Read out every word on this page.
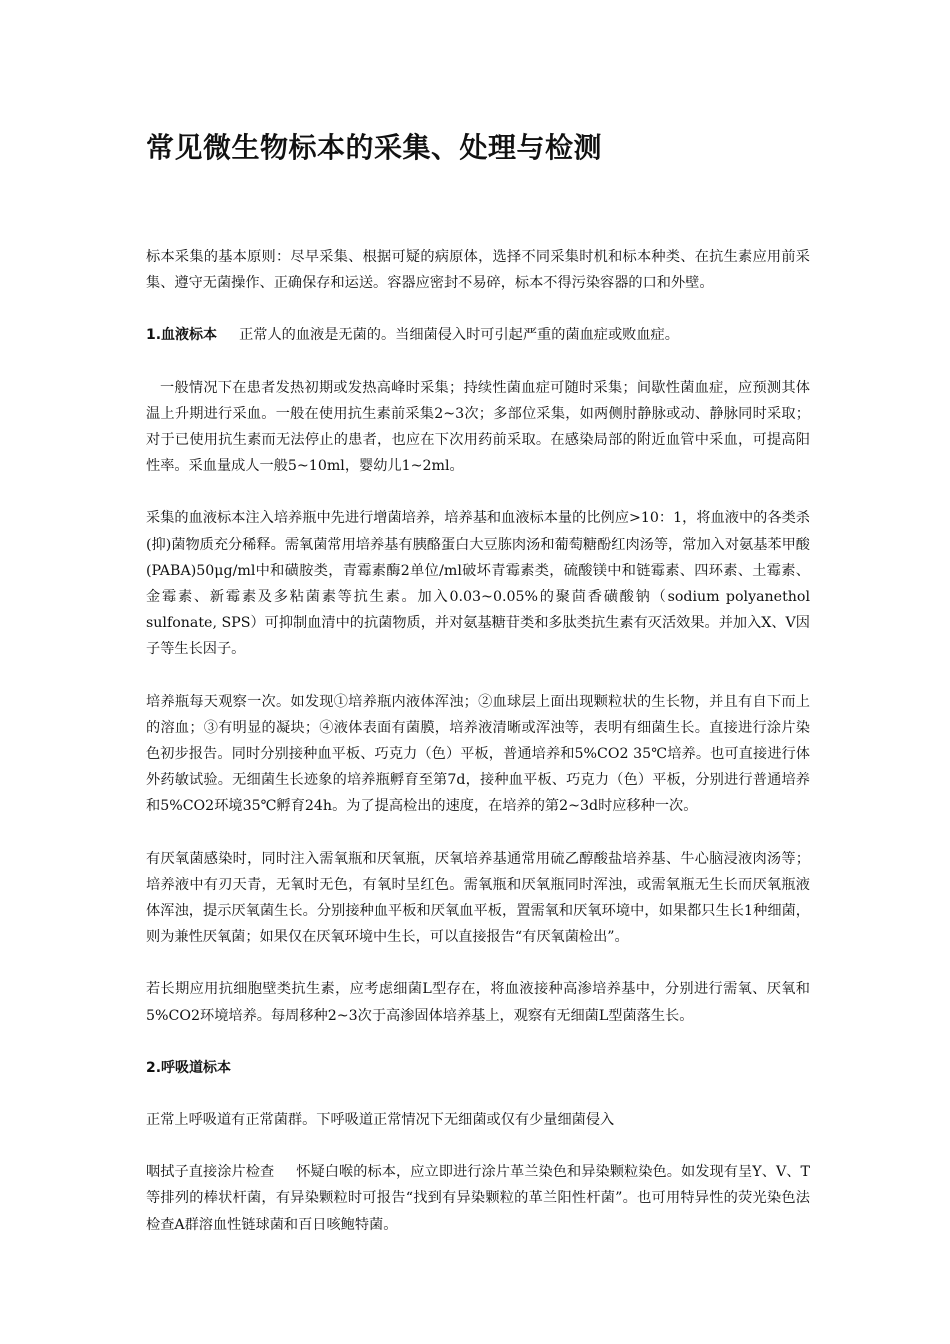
常见微生物标本的采集、处理与检测

标本采集的基本原则：尽早采集、根据可疑的病原体，选择不同采集时机和标本种类、在抗生素应用前采集、遵守无菌操作、正确保存和运送。容器应密封不易碎，标本不得污染容器的口和外壁。

1.血液标本 正常人的血液是无菌的。当细菌侵入时可引起严重的菌血症或败血症。

一般情况下在患者发热初期或发热高峰时采集；持续性菌血症可随时采集；间歇性菌血症，应预测其体温上升期进行采血。一般在使用抗生素前采集2~3次；多部位采集，如两侧肘静脉或动、静脉同时采取；对于已使用抗生素而无法停止的患者，也应在下次用药前采取。在感染局部的附近血管中采血，可提高阳性率。采血量成人一般5~10ml，婴幼儿1~2ml。

采集的血液标本注入培养瓶中先进行增菌培养，培养基和血液标本量的比例应>10：1，将血液中的各类杀(抑)菌物质充分稀释。需氧菌常用培养基有胰酪蛋白大豆胨肉汤和葡萄糖酚红肉汤等，常加入对氨基苯甲酸(PABA)50μg/ml中和磺胺类，青霉素酶2单位/ml破坏青霉素类，硫酸镁中和链霉素、四环素、土霉素、金霉素、新霉素及多粘菌素等抗生素。加入0.03~0.05%的聚茴香磺酸钠（sodium polyanethol sulfonate, SPS）可抑制血清中的抗菌物质，并对氨基糖苷类和多肽类抗生素有灭活效果。并加入Ⅹ、Ⅴ因子等生长因子。

培养瓶每天观察一次。如发现①培养瓶内液体浑浊；②血球层上面出现颗粒状的生长物，并且有自下而上的溶血；③有明显的凝块；④液体表面有菌膜，培养液清晰或浑浊等，表明有细菌生长。直接进行涂片染色初步报告。同时分别接种血平板、巧克力（色）平板，普通培养和5%CO2 35℃培养。也可直接进行体外药敏试验。无细菌生长迹象的培养瓶孵育至第7d，接种血平板、巧克力（色）平板，分别进行普通培养和5%CO2环境35℃孵育24h。为了提高检出的速度，在培养的第2~3d时应移种一次。

有厌氧菌感染时，同时注入需氧瓶和厌氧瓶，厌氧培养基通常用硫乙醇酸盐培养基、牛心脑浸液肉汤等；培养液中有刃天青，无氧时无色，有氧时呈红色。需氧瓶和厌氧瓶同时浑浊，或需氧瓶无生长而厌氧瓶液体浑浊，提示厌氧菌生长。分别接种血平板和厌氧血平板，置需氧和厌氧环境中，如果都只生长1种细菌，则为兼性厌氧菌；如果仅在厌氧环境中生长，可以直接报告“有厌氧菌检出”。

若长期应用抗细胞壁类抗生素，应考虑细菌L型存在，将血液接种高渗培养基中，分别进行需氧、厌氧和5%CO2环境培养。每周移种2~3次于高渗固体培养基上，观察有无细菌L型菌落生长。

2.呼吸道标本

正常上呼吸道有正常菌群。下呼吸道正常情况下无细菌或仅有少量细菌侵入

咽拭子直接涂片检查 怀疑白喉的标本，应立即进行涂片革兰染色和异染颗粒染色。如发现有呈Y、V、T等排列的棒状杆菌，有异染颗粒时可报告“找到有异染颗粒的革兰阳性杆菌”。也可用特异性的荧光染色法检查A群溶血性链球菌和百日咳鲍特菌。
